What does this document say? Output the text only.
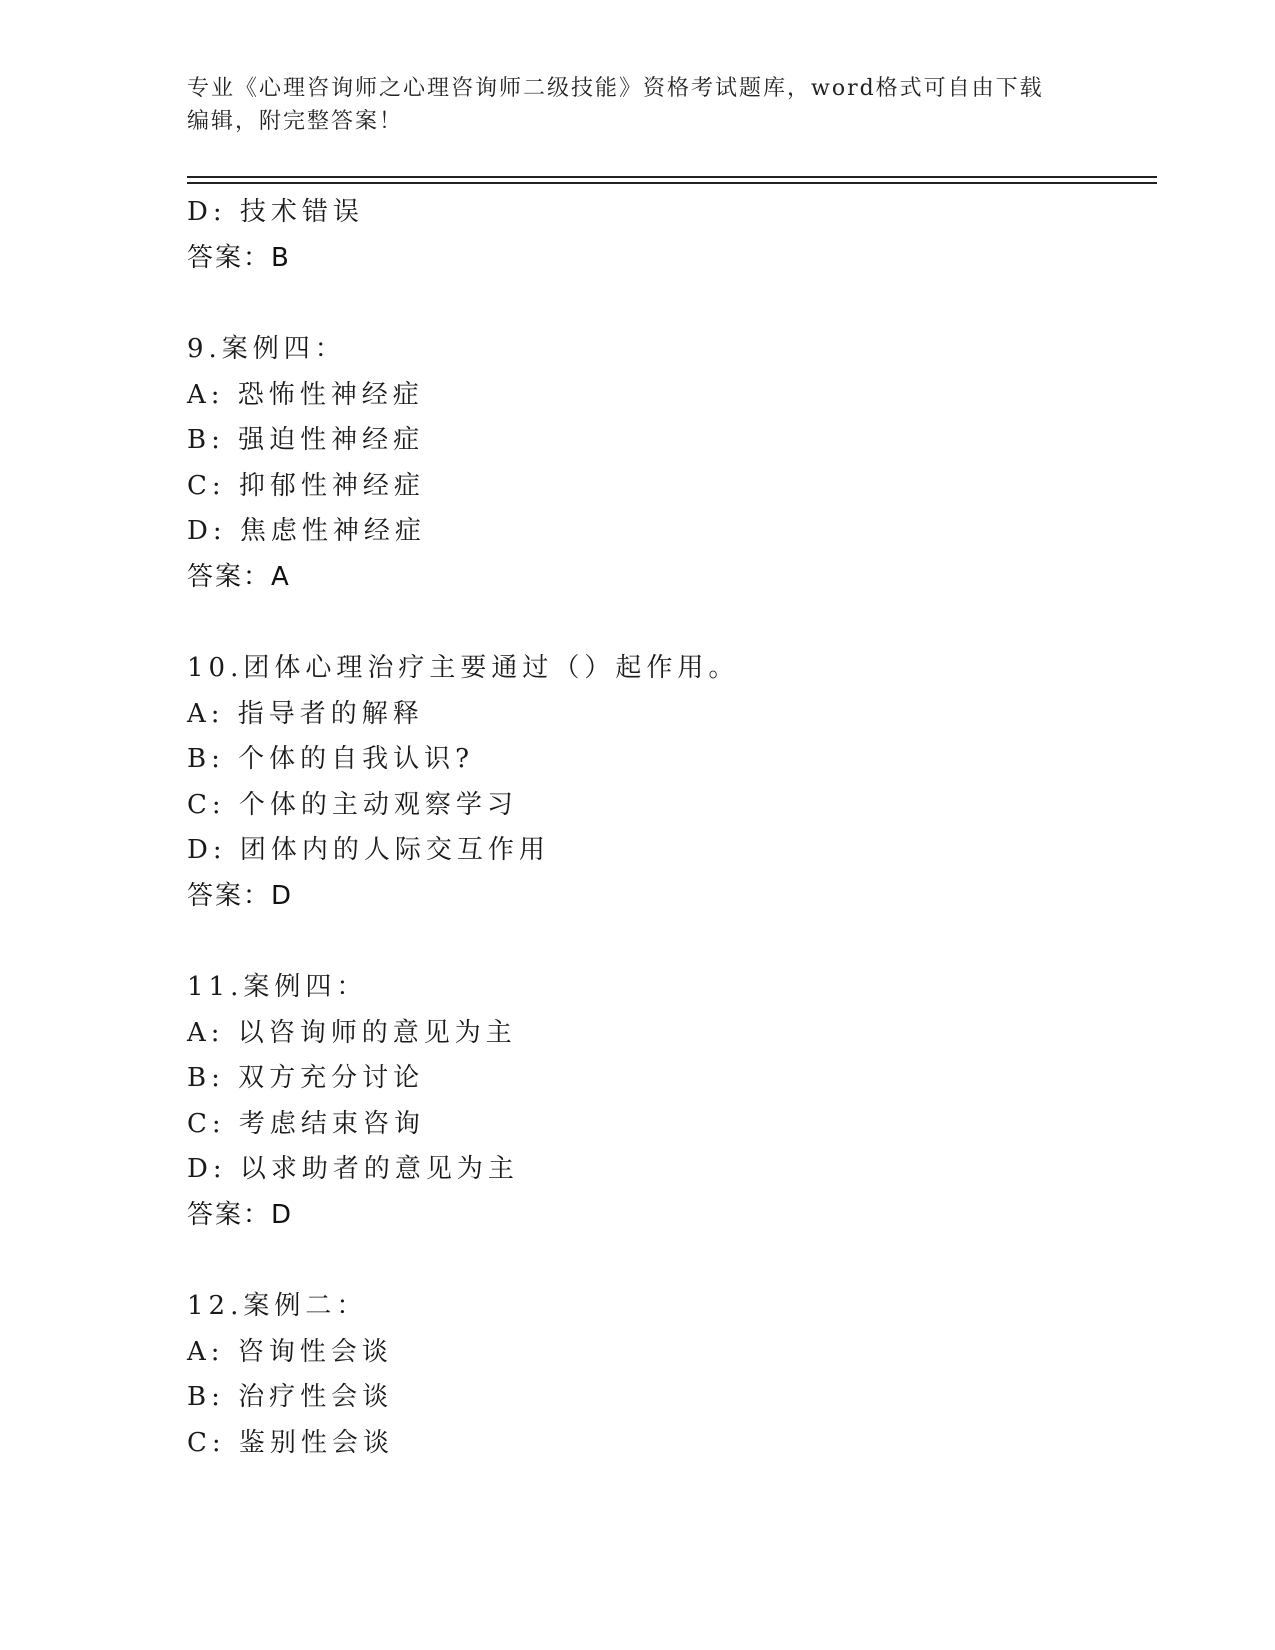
专业《心理咨询师之心理咨询师二级技能》资格考试题库，word格式可自由下载
编辑，附完整答案！
D: 技术错误
答案：B
9.案例四：
A: 恐怖性神经症
B: 强迫性神经症
C: 抑郁性神经症
D: 焦虑性神经症
答案：A
10.团体心理治疗主要通过（）起作用。
A: 指导者的解释
B: 个体的自我认识?
C: 个体的主动观察学习
D: 团体内的人际交互作用
答案：D
11.案例四：
A: 以咨询师的意见为主
B: 双方充分讨论
C: 考虑结束咨询
D: 以求助者的意见为主
答案：D
12.案例二：
A: 咨询性会谈
B: 治疗性会谈
C: 鉴别性会谈
